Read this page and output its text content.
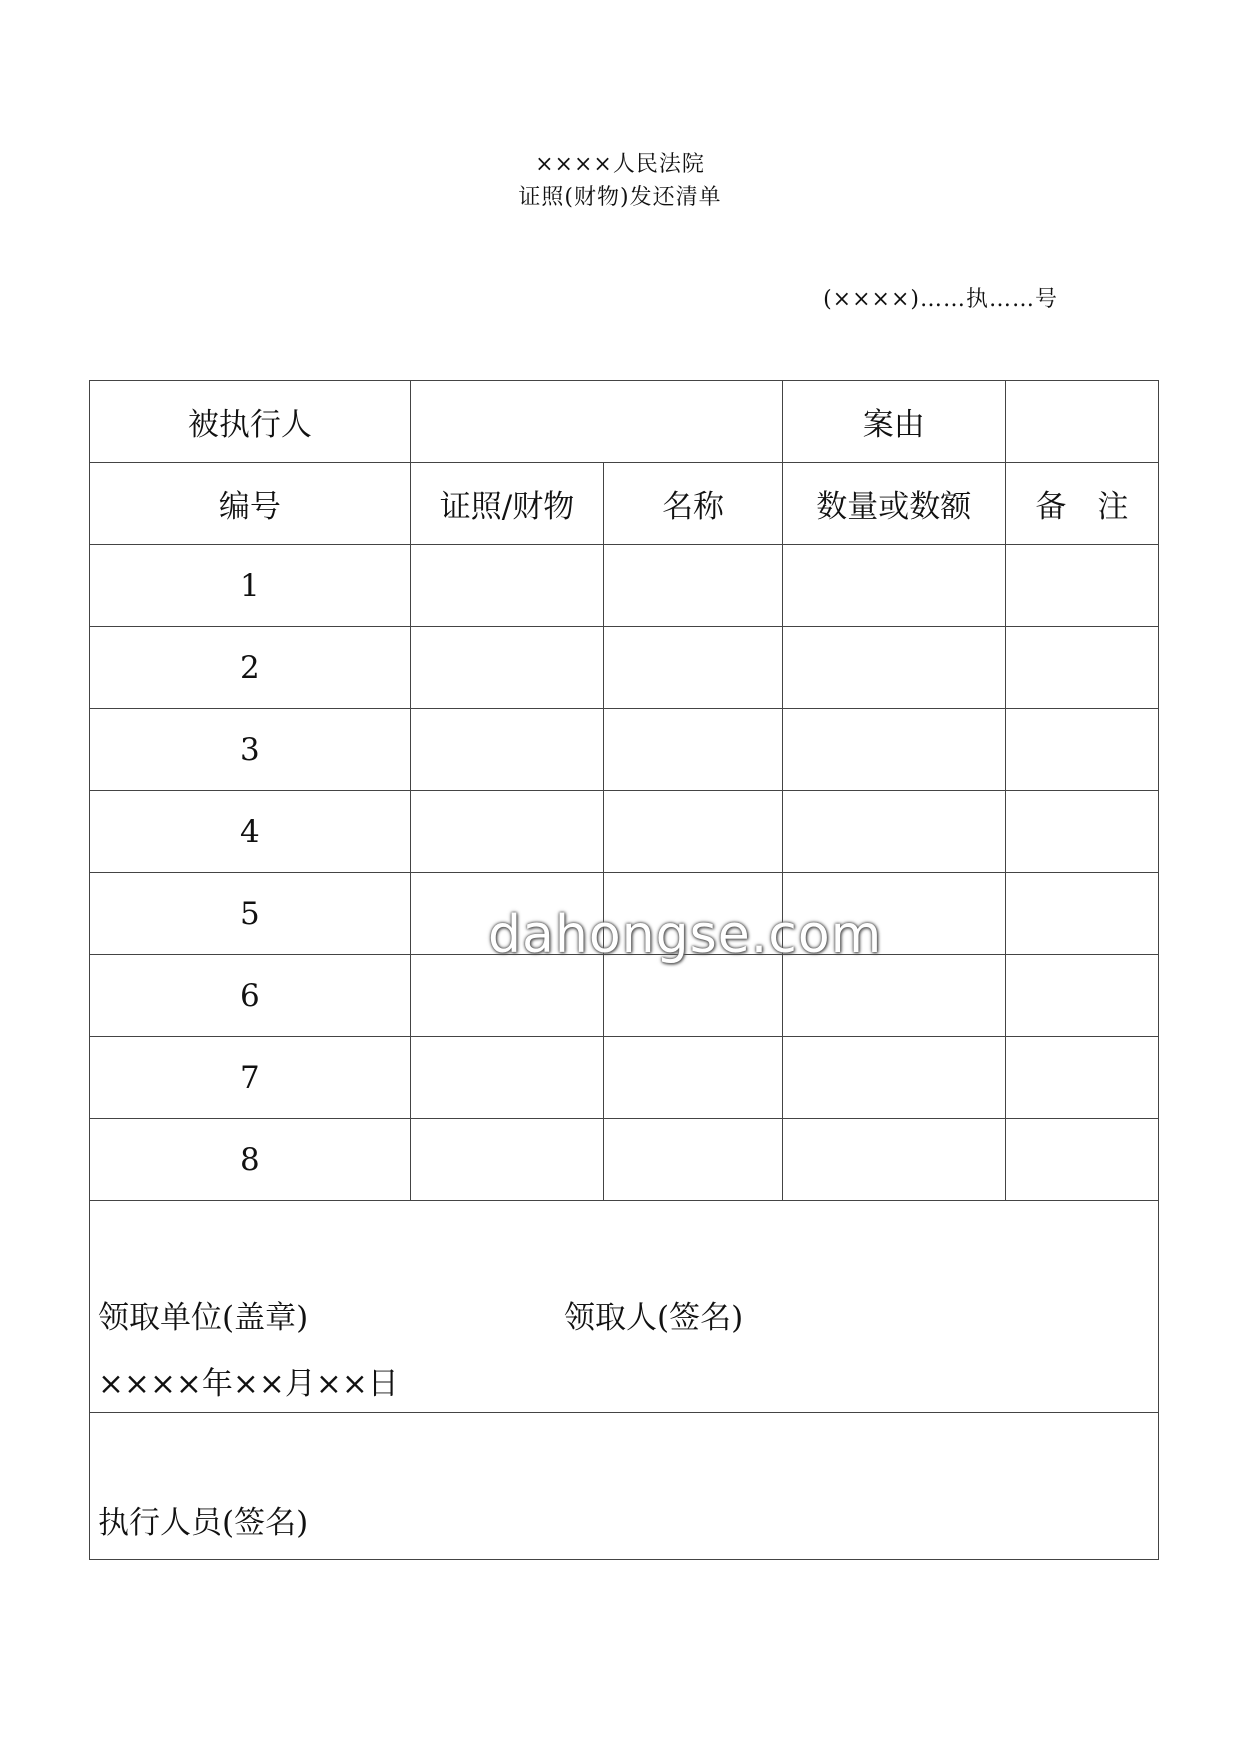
××××人民法院
证照(财物)发还清单
(××××)……执……号
被执行人			案由	
编号	证照/财物	名称	数量或数额	备　注
1				
2				
3				
4				
5				
6				
7				
8				

领取单位(盖章) 领取人(签名)
××××年××月××日				

执行人员(签名)				
dahongse.com
